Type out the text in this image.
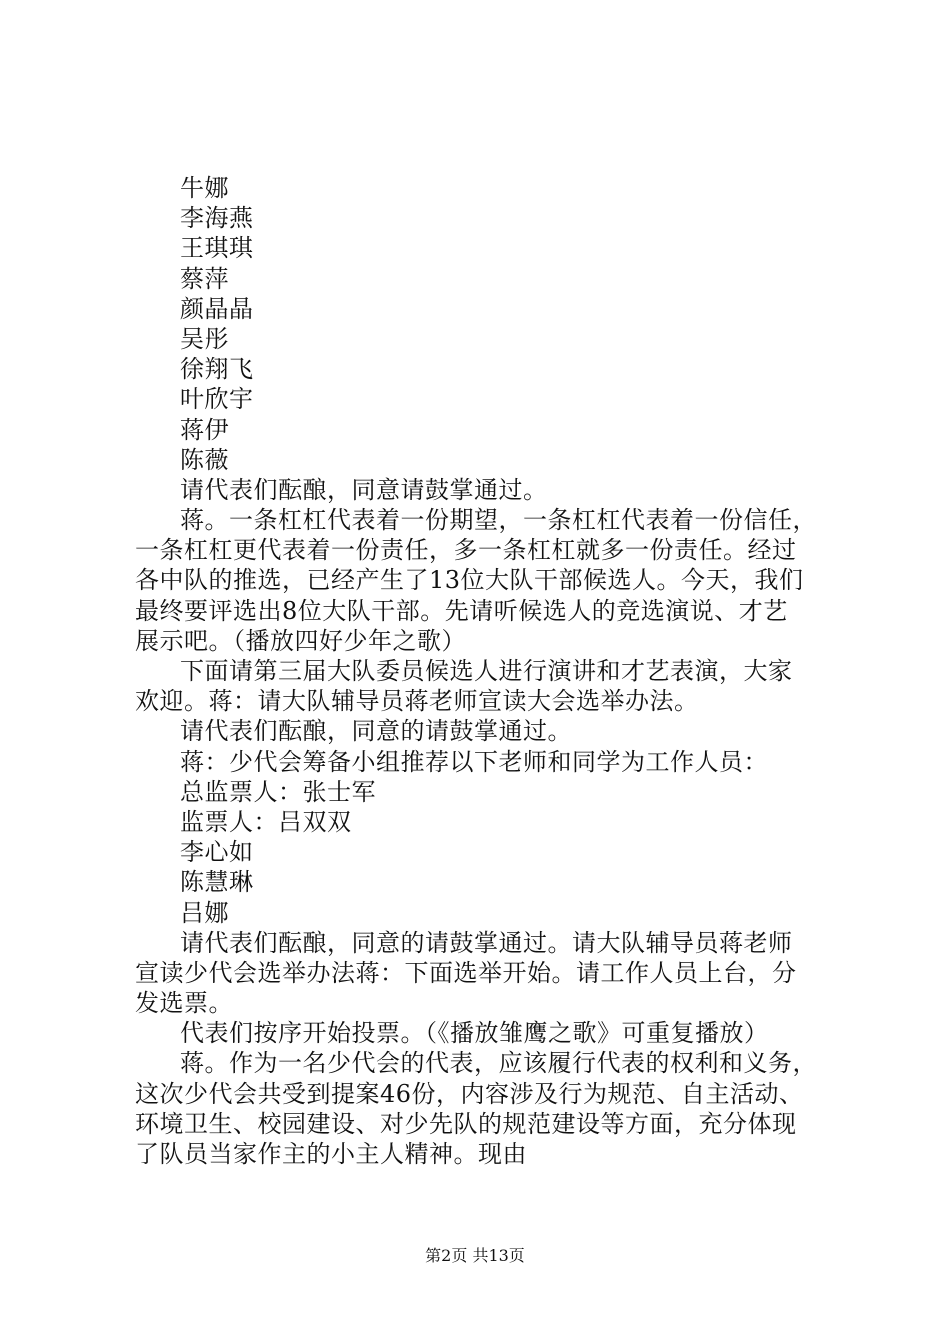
牛娜
李海燕
王琪琪
蔡萍
颜晶晶
吴彤
徐翔飞
叶欣宇
蒋伊
陈薇
请代表们酝酿，同意请鼓掌通过。
蒋。一条杠杠代表着一份期望，一条杠杠代表着一份信任，
一条杠杠更代表着一份责任，多一条杠杠就多一份责任。经过
各中队的推选，已经产生了13位大队干部候选人。今天，我们
最终要评选出8位大队干部。先请听候选人的竞选演说、才艺
展示吧。（播放四好少年之歌）
下面请第三届大队委员候选人进行演讲和才艺表演，大家
欢迎。蒋：请大队辅导员蒋老师宣读大会选举办法。
请代表们酝酿，同意的请鼓掌通过。
蒋：少代会筹备小组推荐以下老师和同学为工作人员：
总监票人：张士军
监票人：吕双双
李心如
陈慧琳
吕娜
请代表们酝酿，同意的请鼓掌通过。请大队辅导员蒋老师
宣读少代会选举办法蒋：下面选举开始。请工作人员上台，分
发选票。
代表们按序开始投票。（《播放雏鹰之歌》可重复播放）
蒋。作为一名少代会的代表，应该履行代表的权利和义务，
这次少代会共受到提案46份，内容涉及行为规范、自主活动、
环境卫生、校园建设、对少先队的规范建设等方面，充分体现
了队员当家作主的小主人精神。现由
第2页 共13页
